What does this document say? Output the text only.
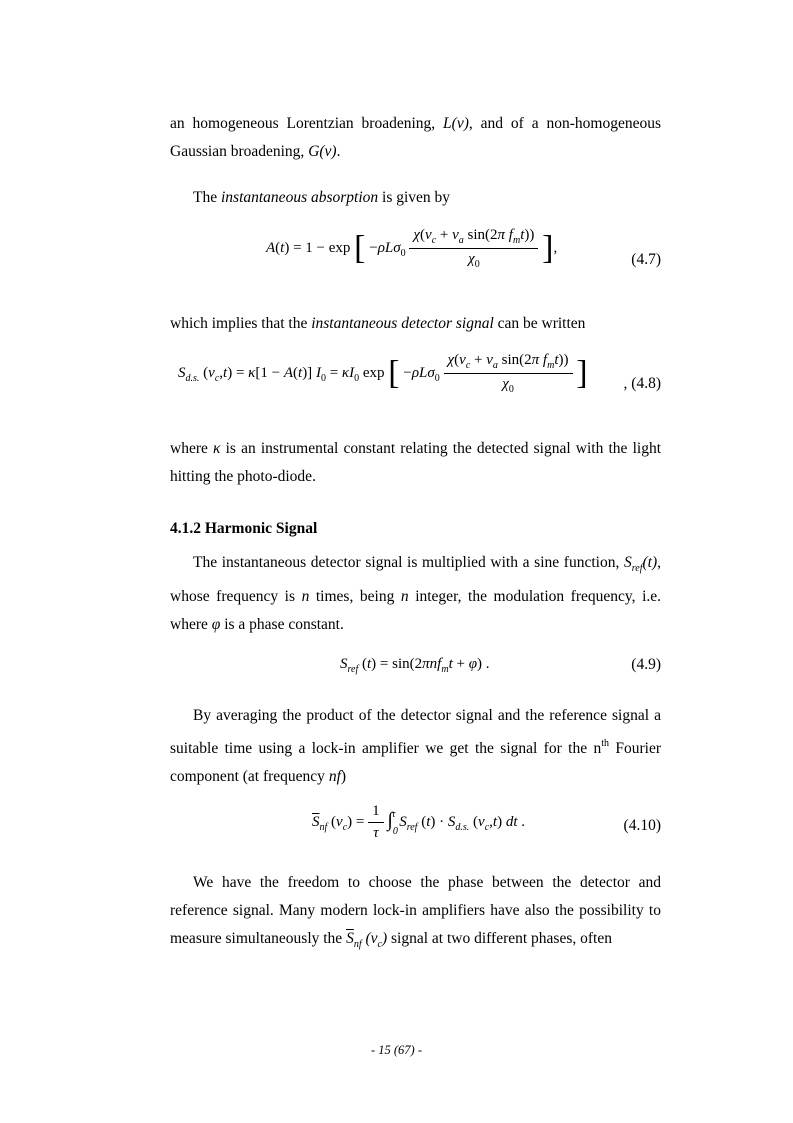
an homogeneous Lorentzian broadening, L(ν), and of a non-homogeneous Gaussian broadening, G(ν).
The instantaneous absorption is given by
A(t) = 1 − exp [ $-\rho L\sigma_0 \frac{\chi(\nu_c + \nu_a \sin(2\pi f_mt))}{\chi_0}$ ],
(4.7)
which implies that the instantaneous detector signal can be written
$S_{d.s.}$ $(\nu_c,t) = \kappa[1 - A(t)] I_0 = \kappa I_0$ exp [ $-\rho L\sigma_0 \frac{\chi(\nu_c + \nu_a \sin(2\pi f_mt))}{\chi_0}$ ] , (4.8)
where κ is an instrumental constant relating the detected signal with the light hitting the photo-diode.
4.1.2 Harmonic Signal
The instantaneous detector signal is multiplied with a sine function, $S_{ref}(t)$, whose frequency is n times, being n integer, the modulation frequency, i.e. where φ is a phase constant.
$S_{ref}$ (t) = sin(2πnf$_m$t + φ) .	(4.9)
By averaging the product of the detector signal and the reference signal a suitable time using a lock-in amplifier we get the signal for the $n^{th}$ Fourier component (at frequency nf)
$\overline{S}_{nf}$ $(\nu_c) = \frac{1}{\tau} \int_0^\tau$ $S_{ref}$ $(t) \cdot S_{d.s.}$ $(\nu_c,t)$ dt .	(4.10)
We have the freedom to choose the phase between the detector and reference signal. Many modern lock-in amplifiers have also the possibility to measure simultaneously the $\overline{S}_{nf}$ $(\nu_c)$ signal at two different phases, often
- 15 (67) -
